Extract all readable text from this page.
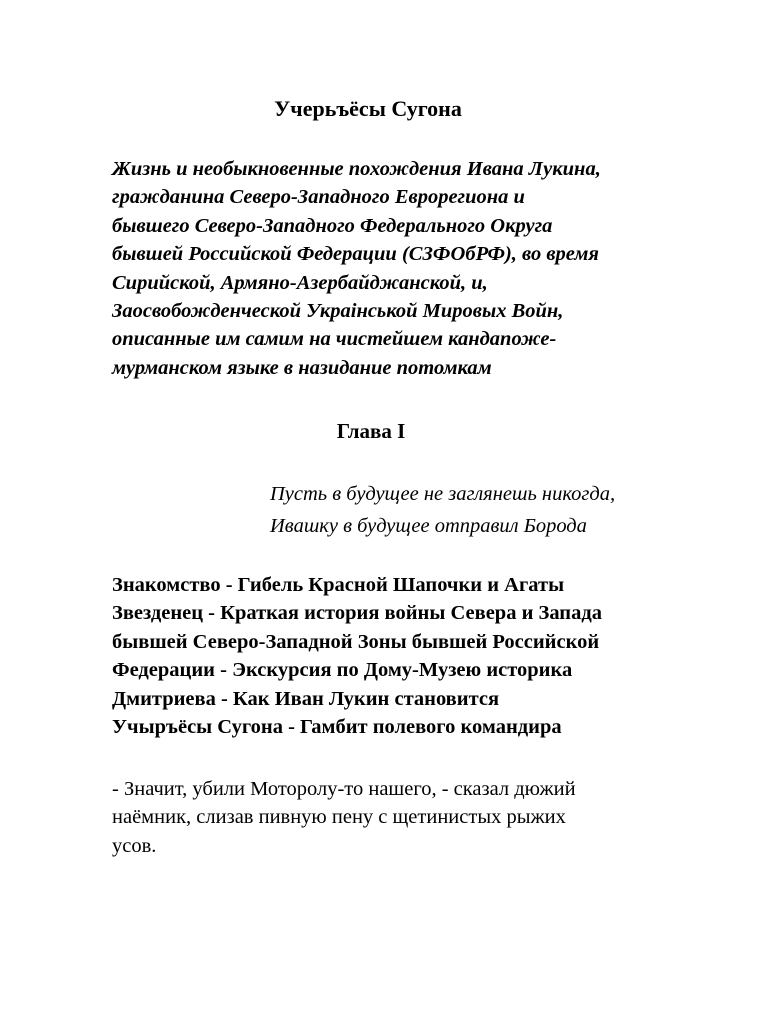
Учерьъёсы Сугона
Жизнь и необыкновенные похождения Ивана Лукина,
гражданина Северо-Западного Еврорегиона и
бывшего Северо-Западного Федерального Округа
бывшей Российской Федерации (СЗФОбРФ), во время
Сирийской, Армяно-Азербайджанской, и,
Заосвобожденческой Украiнськой Мировых Войн,
описанные им самим на чистейшем кандапоже-
мурманском языке в назидание потомкам
Глава I
Пусть в будущее не заглянешь никогда,
Ивашку в будущее отправил Борода
Знакомство - Гибель Красной Шапочки и Агаты
Звезденец - Краткая история войны Севера и Запада
бывшей Северо-Западной Зоны бывшей Российской
Федерации - Экскурсия по Дому-Музею историка
Дмитриева - Как Иван Лукин становится
Учыръёсы Сугона - Гамбит полевого командира
- Значит, убили Моторолу-то нашего, - сказал дюжий
наёмник, слизав пивную пену с щетинистых рыжих
усов.
